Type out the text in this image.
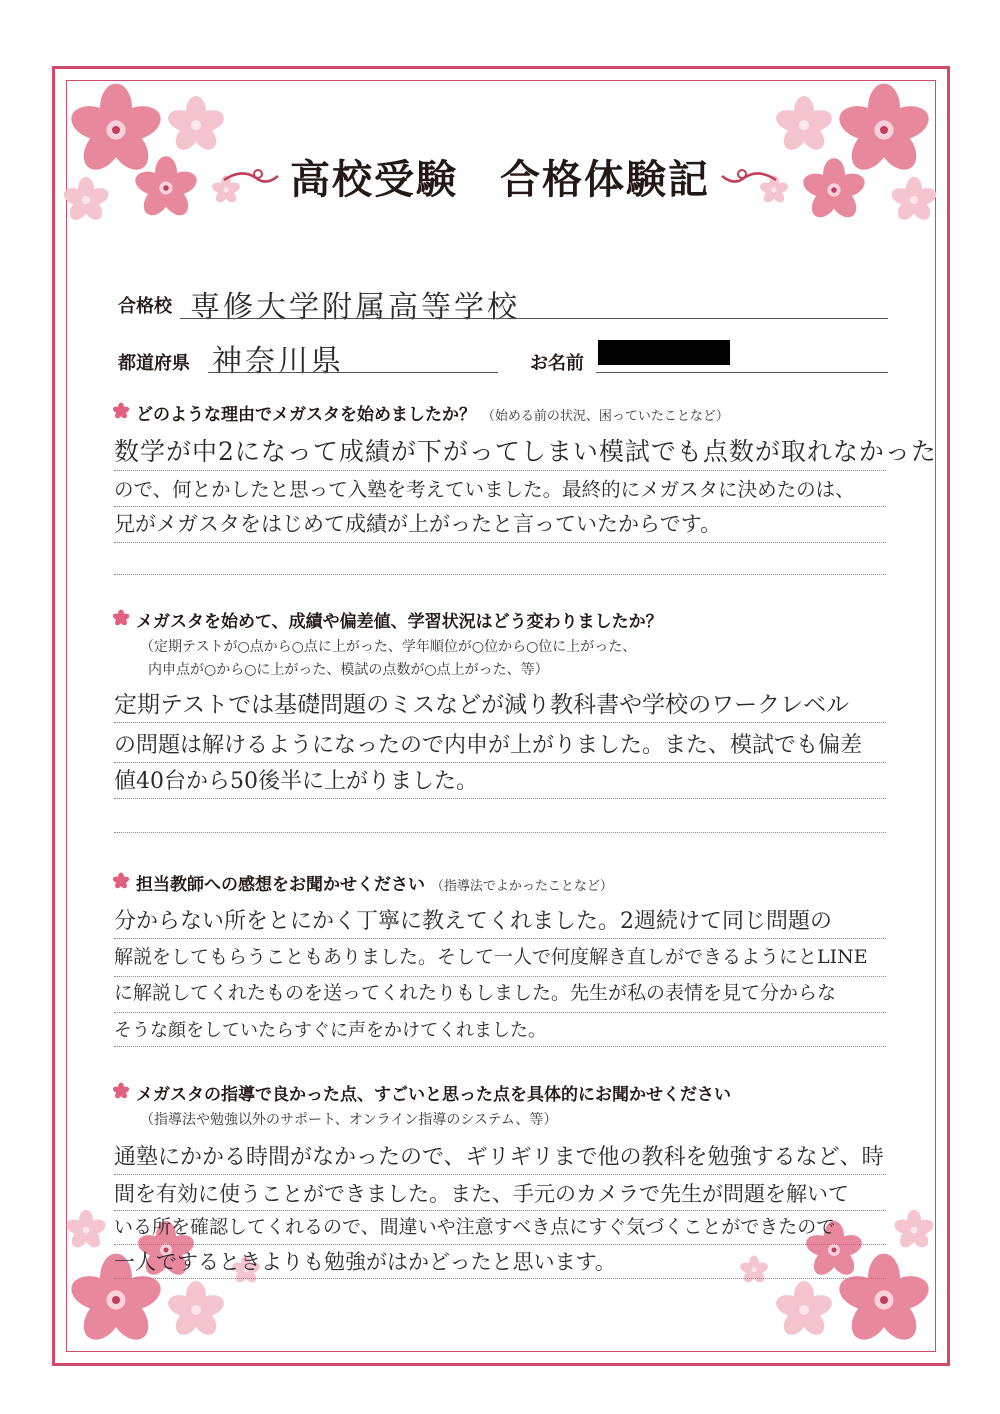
高校受験　合格体験記
合格校 専修大学附属高等学校
都道府県 神奈川県	お名前
どのような理由でメガスタを始めましたか？ （始める前の状況、困っていたことなど）
数学が中2になって成績が下がってしまい模試でも点数が取れなかった
ので、何とかしたと思って入塾を考えていました。最終的にメガスタに決めたのは、
兄がメガスタをはじめて成績が上がったと言っていたからです。
メガスタを始めて、成績や偏差値、学習状況はどう変わりましたか？
（定期テストが○点から○点に上がった、学年順位が○位から○位に上がった、
内申点が○から○に上がった、模試の点数が○点上がった、等）
定期テストでは基礎問題のミスなどが減り教科書や学校のワークレベル
の問題は解けるようになったので内申が上がりました。また、模試でも偏差
値40台から50後半に上がりました。
担当教師への感想をお聞かせください （指導法でよかったことなど）
分からない所をとにかく丁寧に教えてくれました。2週続けて同じ問題の
解説をしてもらうこともありました。そして一人で何度解き直しができるようにとLINE
に解説してくれたものを送ってくれたりもしました。先生が私の表情を見て分からな
そうな顔をしていたらすぐに声をかけてくれました。
メガスタの指導で良かった点、すごいと思った点を具体的にお聞かせください
（指導法や勉強以外のサポート、オンライン指導のシステム、等）
通塾にかかる時間がなかったので、ギリギリまで他の教科を勉強するなど、時
間を有効に使うことができました。また、手元のカメラで先生が問題を解いて
いる所を確認してくれるので、間違いや注意すべき点にすぐ気づくことができたので
一人でするときよりも勉強がはかどったと思います。
